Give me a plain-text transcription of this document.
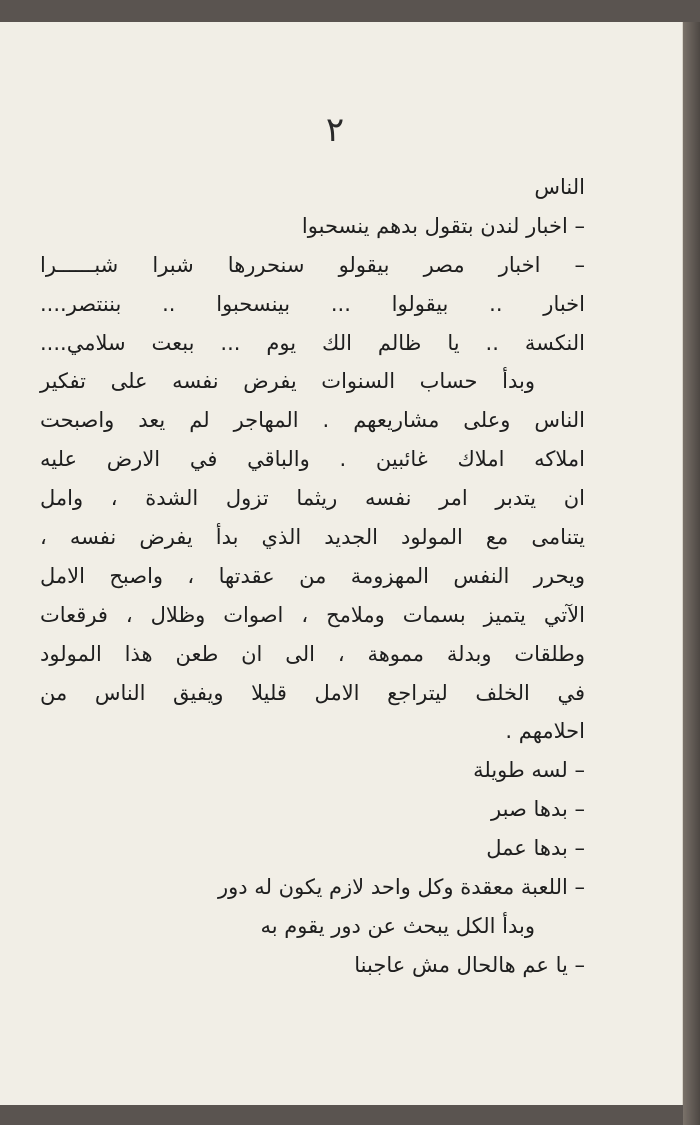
٢
الناس
– اخبار لندن بتقول بدهم ينسحبوا
– اخبار مصر بيقولو سنحررها شبرا شبــــــرا
اخبار .. بيقولوا ... بينسحبوا .. بننتصر....
النكسة .. يا ظالم الك يوم ... ببعت سلامي....
وبدأ حساب السنوات يفرض نفسه على تفكير
الناس وعلى مشاريعهم . المهاجر لم يعد واصبحت
املاكه املاك غائبين . والباقي في الارض عليه
ان يتدبر امر نفسه ريثما تزول الشدة ، وامل
يتنامى مع المولود الجديد الذي بدأ يفرض نفسه ،
ويحرر النفس المهزومة من عقدتها ، واصبح الامل
الآتي يتميز بسمات وملامح ، اصوات وظلال ، فرقعات
وطلقات وبدلة مموهة ، الى ان طعن هذا المولود
في الخلف ليتراجع الامل قليلا ويفيق الناس من
احلامهم .
– لسه طويلة
– بدها صبر
– بدها عمل
– اللعبة معقدة وكل واحد لازم يكون له دور
وبدأ الكل يبحث عن دور يقوم به
– يا عم هالحال مش عاجبنا
